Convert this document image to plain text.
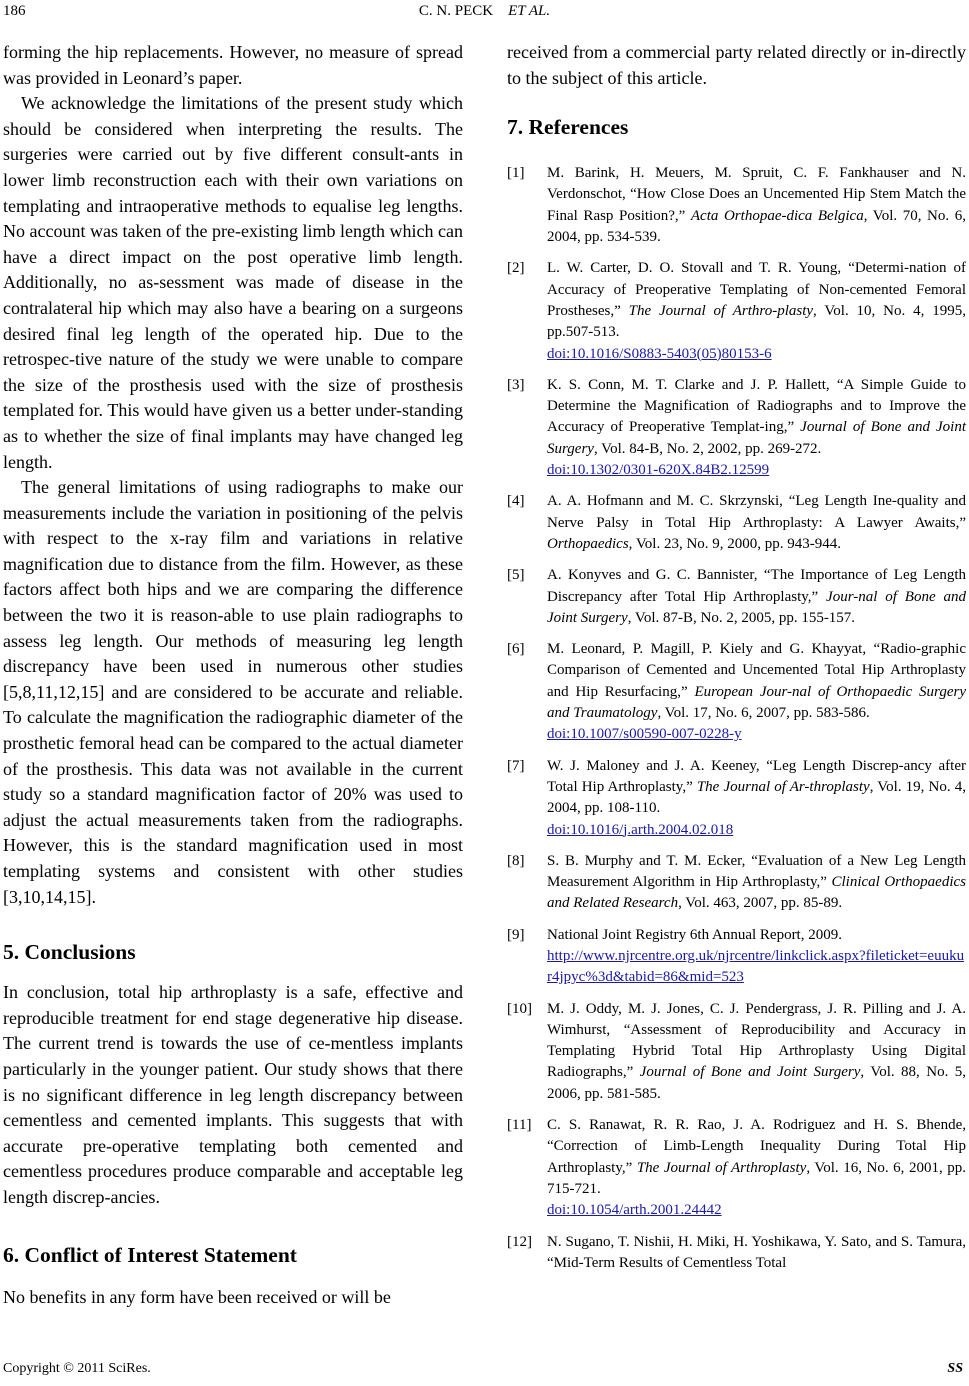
186	C. N. PECK ET AL.

forming the hip replacements. However, no measure of spread was provided in Leonard’s paper.

We acknowledge the limitations of the present study which should be considered when interpreting the results. The surgeries were carried out by five different consult-ants in lower limb reconstruction each with their own variations on templating and intraoperative methods to equalise leg lengths. No account was taken of the pre-existing limb length which can have a direct impact on the post operative limb length. Additionally, no as-sessment was made of disease in the contralateral hip which may also have a bearing on a surgeons desired final leg length of the operated hip. Due to the retrospec-tive nature of the study we were unable to compare the size of the prosthesis used with the size of prosthesis templated for. This would have given us a better under-standing as to whether the size of final implants may have changed leg length.

The general limitations of using radiographs to make our measurements include the variation in positioning of the pelvis with respect to the x-ray film and variations in relative magnification due to distance from the film. However, as these factors affect both hips and we are comparing the difference between the two it is reason-able to use plain radiographs to assess leg length. Our methods of measuring leg length discrepancy have been used in numerous other studies [5,8,11,12,15] and are considered to be accurate and reliable. To calculate the magnification the radiographic diameter of the prosthetic femoral head can be compared to the actual diameter of the prosthesis. This data was not available in the current study so a standard magnification factor of 20% was used to adjust the actual measurements taken from the radiographs. However, this is the standard magnification used in most templating systems and consistent with other studies [3,10,14,15].

5. Conclusions

In conclusion, total hip arthroplasty is a safe, effective and reproducible treatment for end stage degenerative hip disease. The current trend is towards the use of ce-mentless implants particularly in the younger patient. Our study shows that there is no significant difference in leg length discrepancy between cementless and cemented implants. This suggests that with accurate pre-operative templating both cemented and cementless procedures produce comparable and acceptable leg length discrep-ancies.

6. Conflict of Interest Statement

No benefits in any form have been received or will be

received from a commercial party related directly or in-directly to the subject of this article.

7. References
[1] M. Barink, H. Meuers, M. Spruit, C. F. Fankhauser and N. Verdonschot, “How Close Does an Uncemented Hip Stem Match the Final Rasp Position?,” Acta Orthopae-dica Belgica, Vol. 70, No. 6, 2004, pp. 534-539.
[2] L. W. Carter, D. O. Stovall and T. R. Young, “Determi-nation of Accuracy of Preoperative Templating of Non-cemented Femoral Prostheses,” The Journal of Arthro-plasty, Vol. 10, No. 4, 1995, pp.507-513.
doi:10.1016/S0883-5403(05)80153-6
[3] K. S. Conn, M. T. Clarke and J. P. Hallett, “A Simple Guide to Determine the Magnification of Radiographs and to Improve the Accuracy of Preoperative Templat-ing,” Journal of Bone and Joint Surgery, Vol. 84-B, No. 2, 2002, pp. 269-272.
doi:10.1302/0301-620X.84B2.12599
[4] A. A. Hofmann and M. C. Skrzynski, “Leg Length Ine-quality and Nerve Palsy in Total Hip Arthroplasty: A Lawyer Awaits,” Orthopaedics, Vol. 23, No. 9, 2000, pp. 943-944.
[5] A. Konyves and G. C. Bannister, “The Importance of Leg Length Discrepancy after Total Hip Arthroplasty,” Jour-nal of Bone and Joint Surgery, Vol. 87-B, No. 2, 2005, pp. 155-157.
[6] M. Leonard, P. Magill, P. Kiely and G. Khayyat, “Radio-graphic Comparison of Cemented and Uncemented Total Hip Arthroplasty and Hip Resurfacing,” European Jour-nal of Orthopaedic Surgery and Traumatology, Vol. 17, No. 6, 2007, pp. 583-586.
doi:10.1007/s00590-007-0228-y
[7] W. J. Maloney and J. A. Keeney, “Leg Length Discrep-ancy after Total Hip Arthroplasty,” The Journal of Ar-throplasty, Vol. 19, No. 4, 2004, pp. 108-110.
doi:10.1016/j.arth.2004.02.018
[8] S. B. Murphy and T. M. Ecker, “Evaluation of a New Leg Length Measurement Algorithm in Hip Arthroplasty,” Clinical Orthopaedics and Related Research, Vol. 463, 2007, pp. 85-89.
[9] National Joint Registry 6th Annual Report, 2009.
http://www.njrcentre.org.uk/njrcentre/linkclick.aspx?fileticket=euukur4jpyc%3d&tabid=86&mid=523
[10] M. J. Oddy, M. J. Jones, C. J. Pendergrass, J. R. Pilling and J. A. Wimhurst, “Assessment of Reproducibility and Accuracy in Templating Hybrid Total Hip Arthroplasty Using Digital Radiographs,” Journal of Bone and Joint Surgery, Vol. 88, No. 5, 2006, pp. 581-585.
[11] C. S. Ranawat, R. R. Rao, J. A. Rodriguez and H. S. Bhende, “Correction of Limb-Length Inequality During Total Hip Arthroplasty,” The Journal of Arthroplasty, Vol. 16, No. 6, 2001, pp. 715-721.
doi:10.1054/arth.2001.24442
[12] N. Sugano, T. Nishii, H. Miki, H. Yoshikawa, Y. Sato, and S. Tamura, “Mid-Term Results of Cementless Total
Copyright © 2011 SciRes.	SS
